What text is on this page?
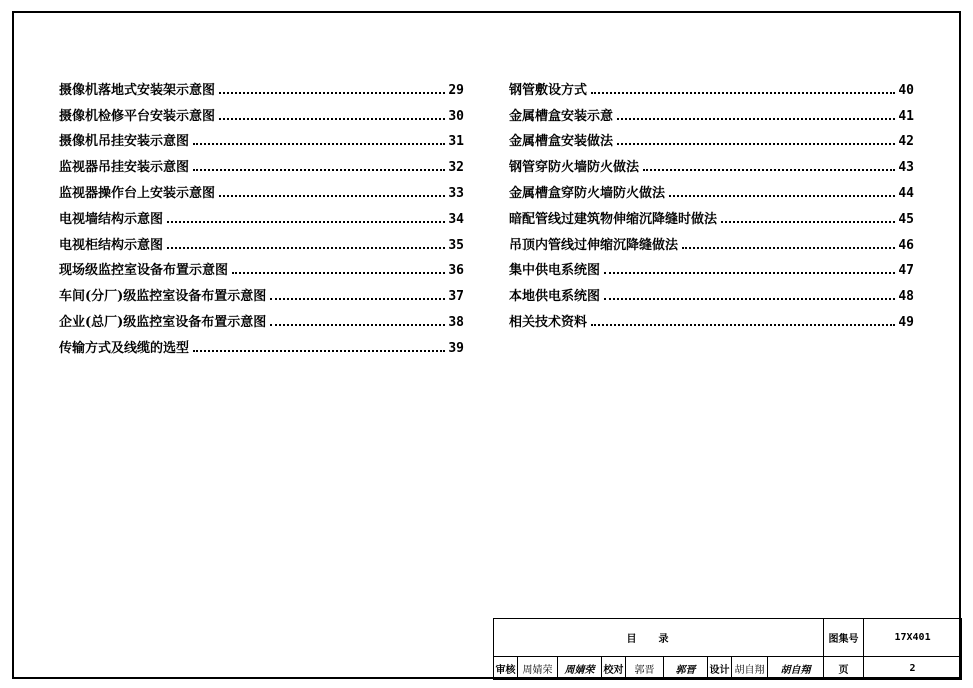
摄像机落地式安装架示意图	29
摄像机检修平台安装示意图	30
摄像机吊挂安装示意图	31
监视器吊挂安装示意图	32
监视器操作台上安装示意图	33
电视墙结构示意图	34
电视柜结构示意图	35
现场级监控室设备布置示意图	36
车间(分厂)级监控室设备布置示意图	37
企业(总厂)级监控室设备布置示意图	38
传输方式及线缆的选型	39
钢管敷设方式	40
金属槽盒安装示意	41
金属槽盒安装做法	42
钢管穿防火墙防火做法	43
金属槽盒穿防火墙防火做法	44
暗配管线过建筑物伸缩沉降缝时做法	45
吊顶内管线过伸缩沉降缝做法	46
集中供电系统图	47
本地供电系统图	48
相关技术资料	49
目录									图集号	17X401
审核	周婧荣	周婧荣	校对	郭晋	郭晋	设计	胡自翔	胡自翔	页	2
